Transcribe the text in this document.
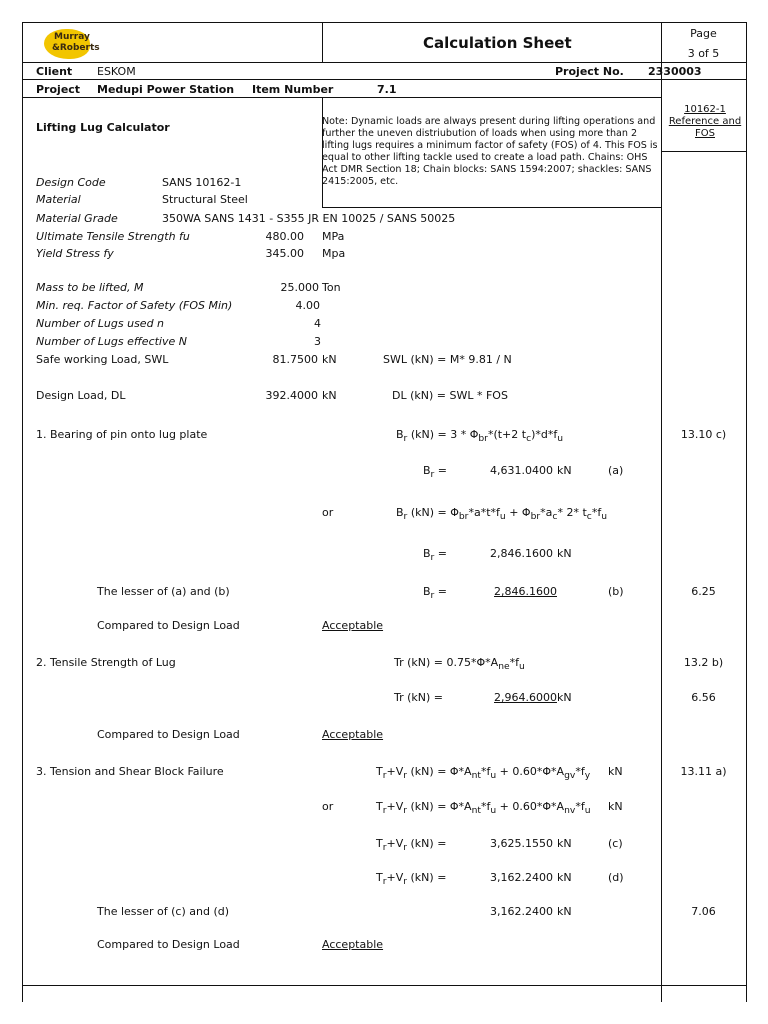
Murray
&Roberts	Calculation Sheet
Page
3 of 5
Client ESKOM	Project No. 2330003
Project Medupi Power Station Item Number	7.1
Lifting Lug Calculator	Note: Dynamic loads are always present during lifting operations and further the uneven distriubution of loads when using more than 2 lifting lugs requires a minimum factor of safety (FOS) of 4. This FOS is equal to other lifting tackle used to create a load path. Chains: OHS Act DMR Section 18; Chain blocks: SANS 1594:2007; shackles: SANS 2415:2005, etc.
10162-1 Reference and FOS
Design Code	SANS 10162-1
Material	Structural Steel
Material Grade	350WA SANS 1431 - S355 JR EN 10025 / SANS 50025
Ultimate Tensile Strength fu	480.00 MPa
Yield Stress fy	345.00 Mpa
Mass to be lifted, M	25.000 Ton
Min. req. Factor of Safety (FOS Min)	4.00
Number of Lugs used n	4
Number of Lugs effective N	3
Safe working Load, SWL	81.7500 kN	SWL (kN) = M* 9.81 / N
Design Load, DL	392.4000 kN	DL (kN) = SWL * FOS
1. Bearing of pin onto lug plate	$B_r$ $(kN) = 3 * \Phi_{br}*(t+2$ $t_c)*d*f_u$	13.10 c)
$B_r$ =	4,631.0400 kN	(a)
or	$B_r$ $(kN) = \Phi_{br}*a*t*f_u + \Phi_{br}*a_c*$ 2* $t_c*f_u$
$B_r$ =	2,846.1600 kN
The lesser of (a) and (b)	$B_r$ =	2,846.1600	(b)	6.25
Compared to Design Load	Acceptable
2. Tensile Strength of Lug	Tr $(kN) = 0.75*\Phi*A_{ne}*f_u$	13.2 b)
Tr (kN) =	2,964.6000 kN	6.56
Compared to Design Load	Acceptable
3. Tension and Shear Block Failure	$T_r+V_r$ $(kN) = \Phi*A_{nt}*f_u + 0.60*\Phi*A_{gv}*f_y$ kN	13.11 a)
or	$T_r+V_r$ $(kN) = \Phi*A_{nt}*f_u + 0.60*\Phi*A_{nv}*f_u$ kN
$T_r+V_r$ (kN) =	3,625.1550 kN	(c)
$T_r+V_r$ (kN) =	3,162.2400 kN	(d)
The lesser of (c) and (d)	3,162.2400 kN	7.06
Compared to Design Load	Acceptable
